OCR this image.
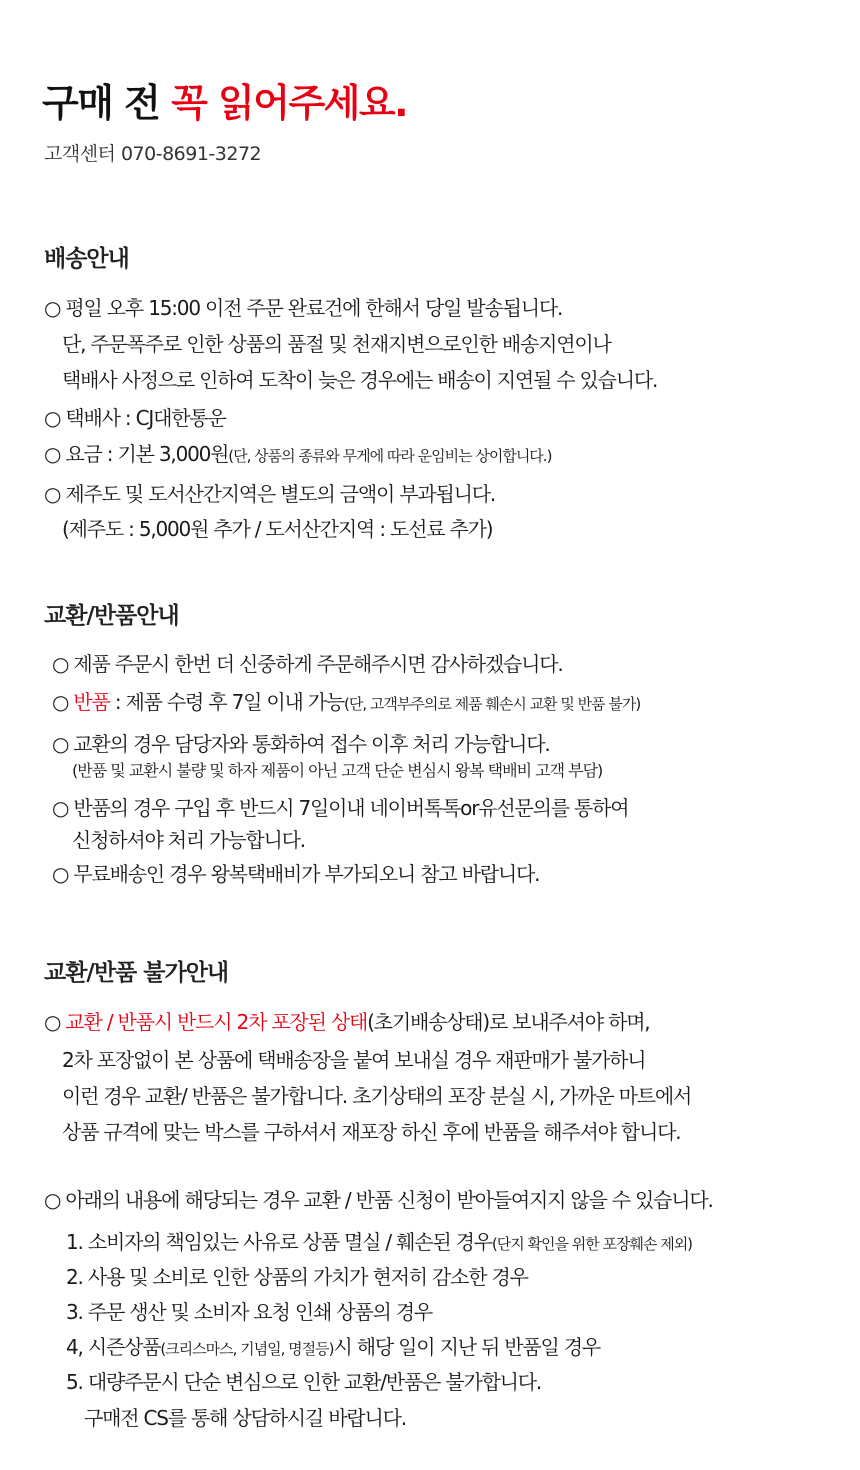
구매 전 꼭 읽어주세요.
고객센터 070-8691-3272
배송안내
○ 평일 오후 15:00 이전 주문 완료건에 한해서 당일 발송됩니다.
단, 주문폭주로 인한 상품의 품절 및 천재지변으로인한 배송지연이나
택배사 사정으로 인하여 도착이 늦은 경우에는 배송이 지연될 수 있습니다.
○ 택배사 : CJ대한통운
○ 요금 : 기본 3,000원(단, 상품의 종류와 무게에 따라 운임비는 상이합니다.)
○ 제주도 및 도서산간지역은 별도의 금액이 부과됩니다.
(제주도 : 5,000원 추가 / 도서산간지역 : 도선료 추가)
교환/반품안내
○ 제품 주문시 한번 더 신중하게 주문해주시면 감사하겠습니다.
○ 반품 : 제품 수령 후 7일 이내 가능(단, 고객부주의로 제품 훼손시 교환 및 반품 불가)
○ 교환의 경우 담당자와 통화하여 접수 이후 처리 가능합니다.
(반품 및 교환시 불량 및 하자 제품이 아닌 고객 단순 변심시 왕복 택배비 고객 부담)
○ 반품의 경우 구입 후 반드시 7일이내 네이버톡톡or유선문의를 통하여
신청하셔야 처리 가능합니다.
○ 무료배송인 경우 왕복택배비가 부가되오니 참고 바랍니다.
교환/반품 불가안내
○ 교환 / 반품시 반드시 2차 포장된 상태(초기배송상태)로 보내주셔야 하며,
2차 포장없이 본 상품에 택배송장을 붙여 보내실 경우 재판매가 불가하니
이런 경우 교환/ 반품은 불가합니다. 초기상태의 포장 분실 시, 가까운 마트에서
상품 규격에 맞는 박스를 구하셔서 재포장 하신 후에 반품을 해주셔야 합니다.
○ 아래의 내용에 해당되는 경우 교환 / 반품 신청이 받아들여지지 않을 수 있습니다.
1. 소비자의 책임있는 사유로 상품 멸실 / 훼손된 경우(단지 확인을 위한 포장훼손 제외)
2. 사용 및 소비로 인한 상품의 가치가 현저히 감소한 경우
3. 주문 생산 및 소비자 요청 인쇄 상품의 경우
4, 시즌상품(크리스마스, 기념일, 명절등)시 해당 일이 지난 뒤 반품일 경우
5. 대량주문시 단순 변심으로 인한 교환/반품은 불가합니다.
구매전 CS를 통해 상담하시길 바랍니다.
